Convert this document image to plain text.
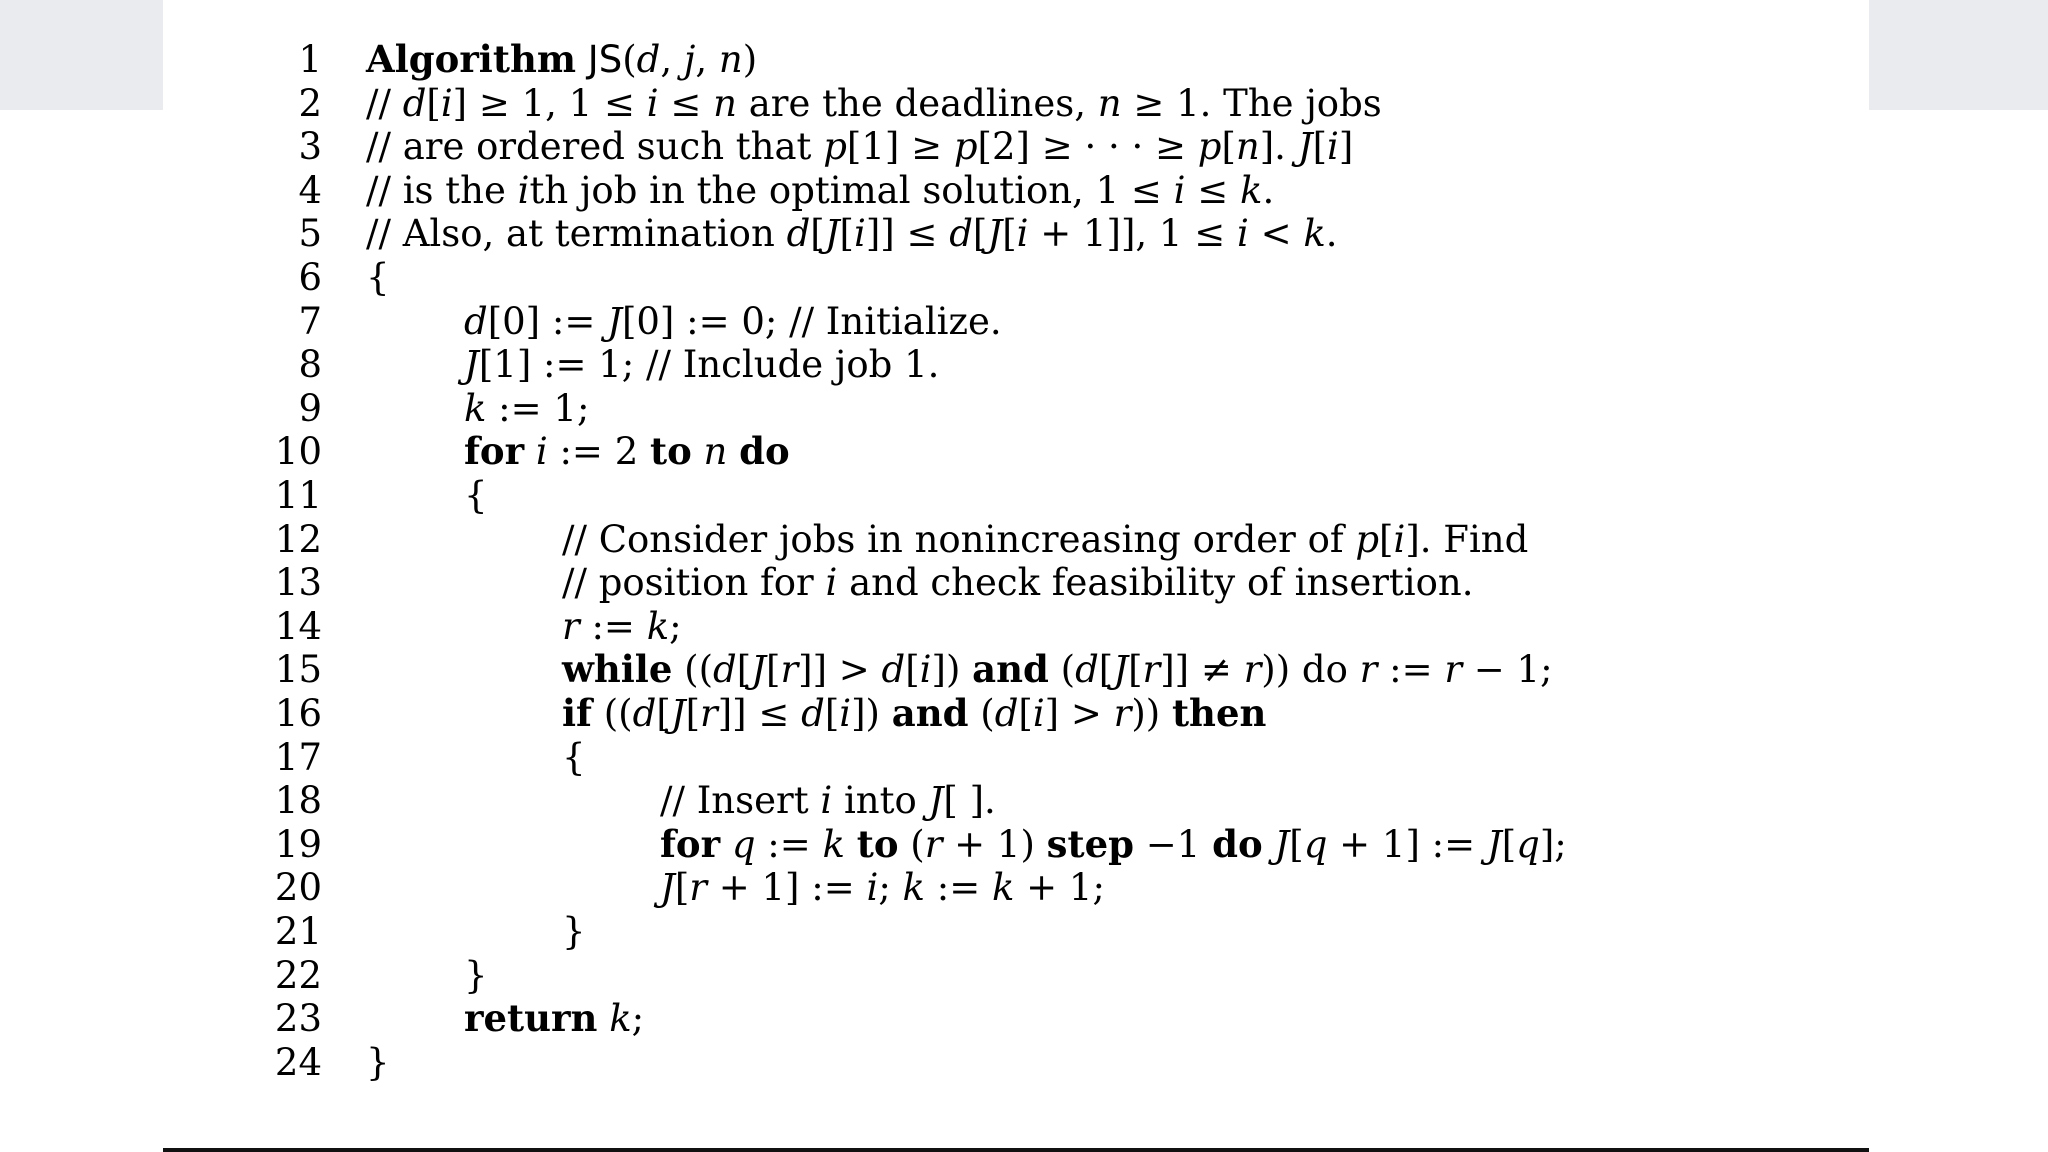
1 Algorithm JS(d, j, n)
2 // d[i] ≥ 1, 1 ≤ i ≤ n are the deadlines, n ≥ 1. The jobs
3 // are ordered such that p[1] ≥ p[2] ≥ · · · ≥ p[n]. J[i]
4 // is the ith job in the optimal solution, 1 ≤ i ≤ k.
5 // Also, at termination d[J[i]] ≤ d[J[i + 1]], 1 ≤ i < k.
6 {
7	d[0] := J[0] := 0; // Initialize.
8	J[1] := 1; // Include job 1.
9	k := 1;
10	for i := 2 to n do
11	{
12	// Consider jobs in nonincreasing order of p[i]. Find
13	// position for i and check feasibility of insertion.
14	r := k;
15	while ((d[J[r]] > d[i]) and (d[J[r]] ≠ r)) do r := r − 1;
16	if ((d[J[r]] ≤ d[i]) and (d[i] > r)) then
17	{
18	// Insert i into J[ ].
19	for q := k to (r + 1) step −1 do J[q + 1] := J[q];
20	J[r + 1] := i; k := k + 1;
21	}
22	}
23	return k;
24 }
